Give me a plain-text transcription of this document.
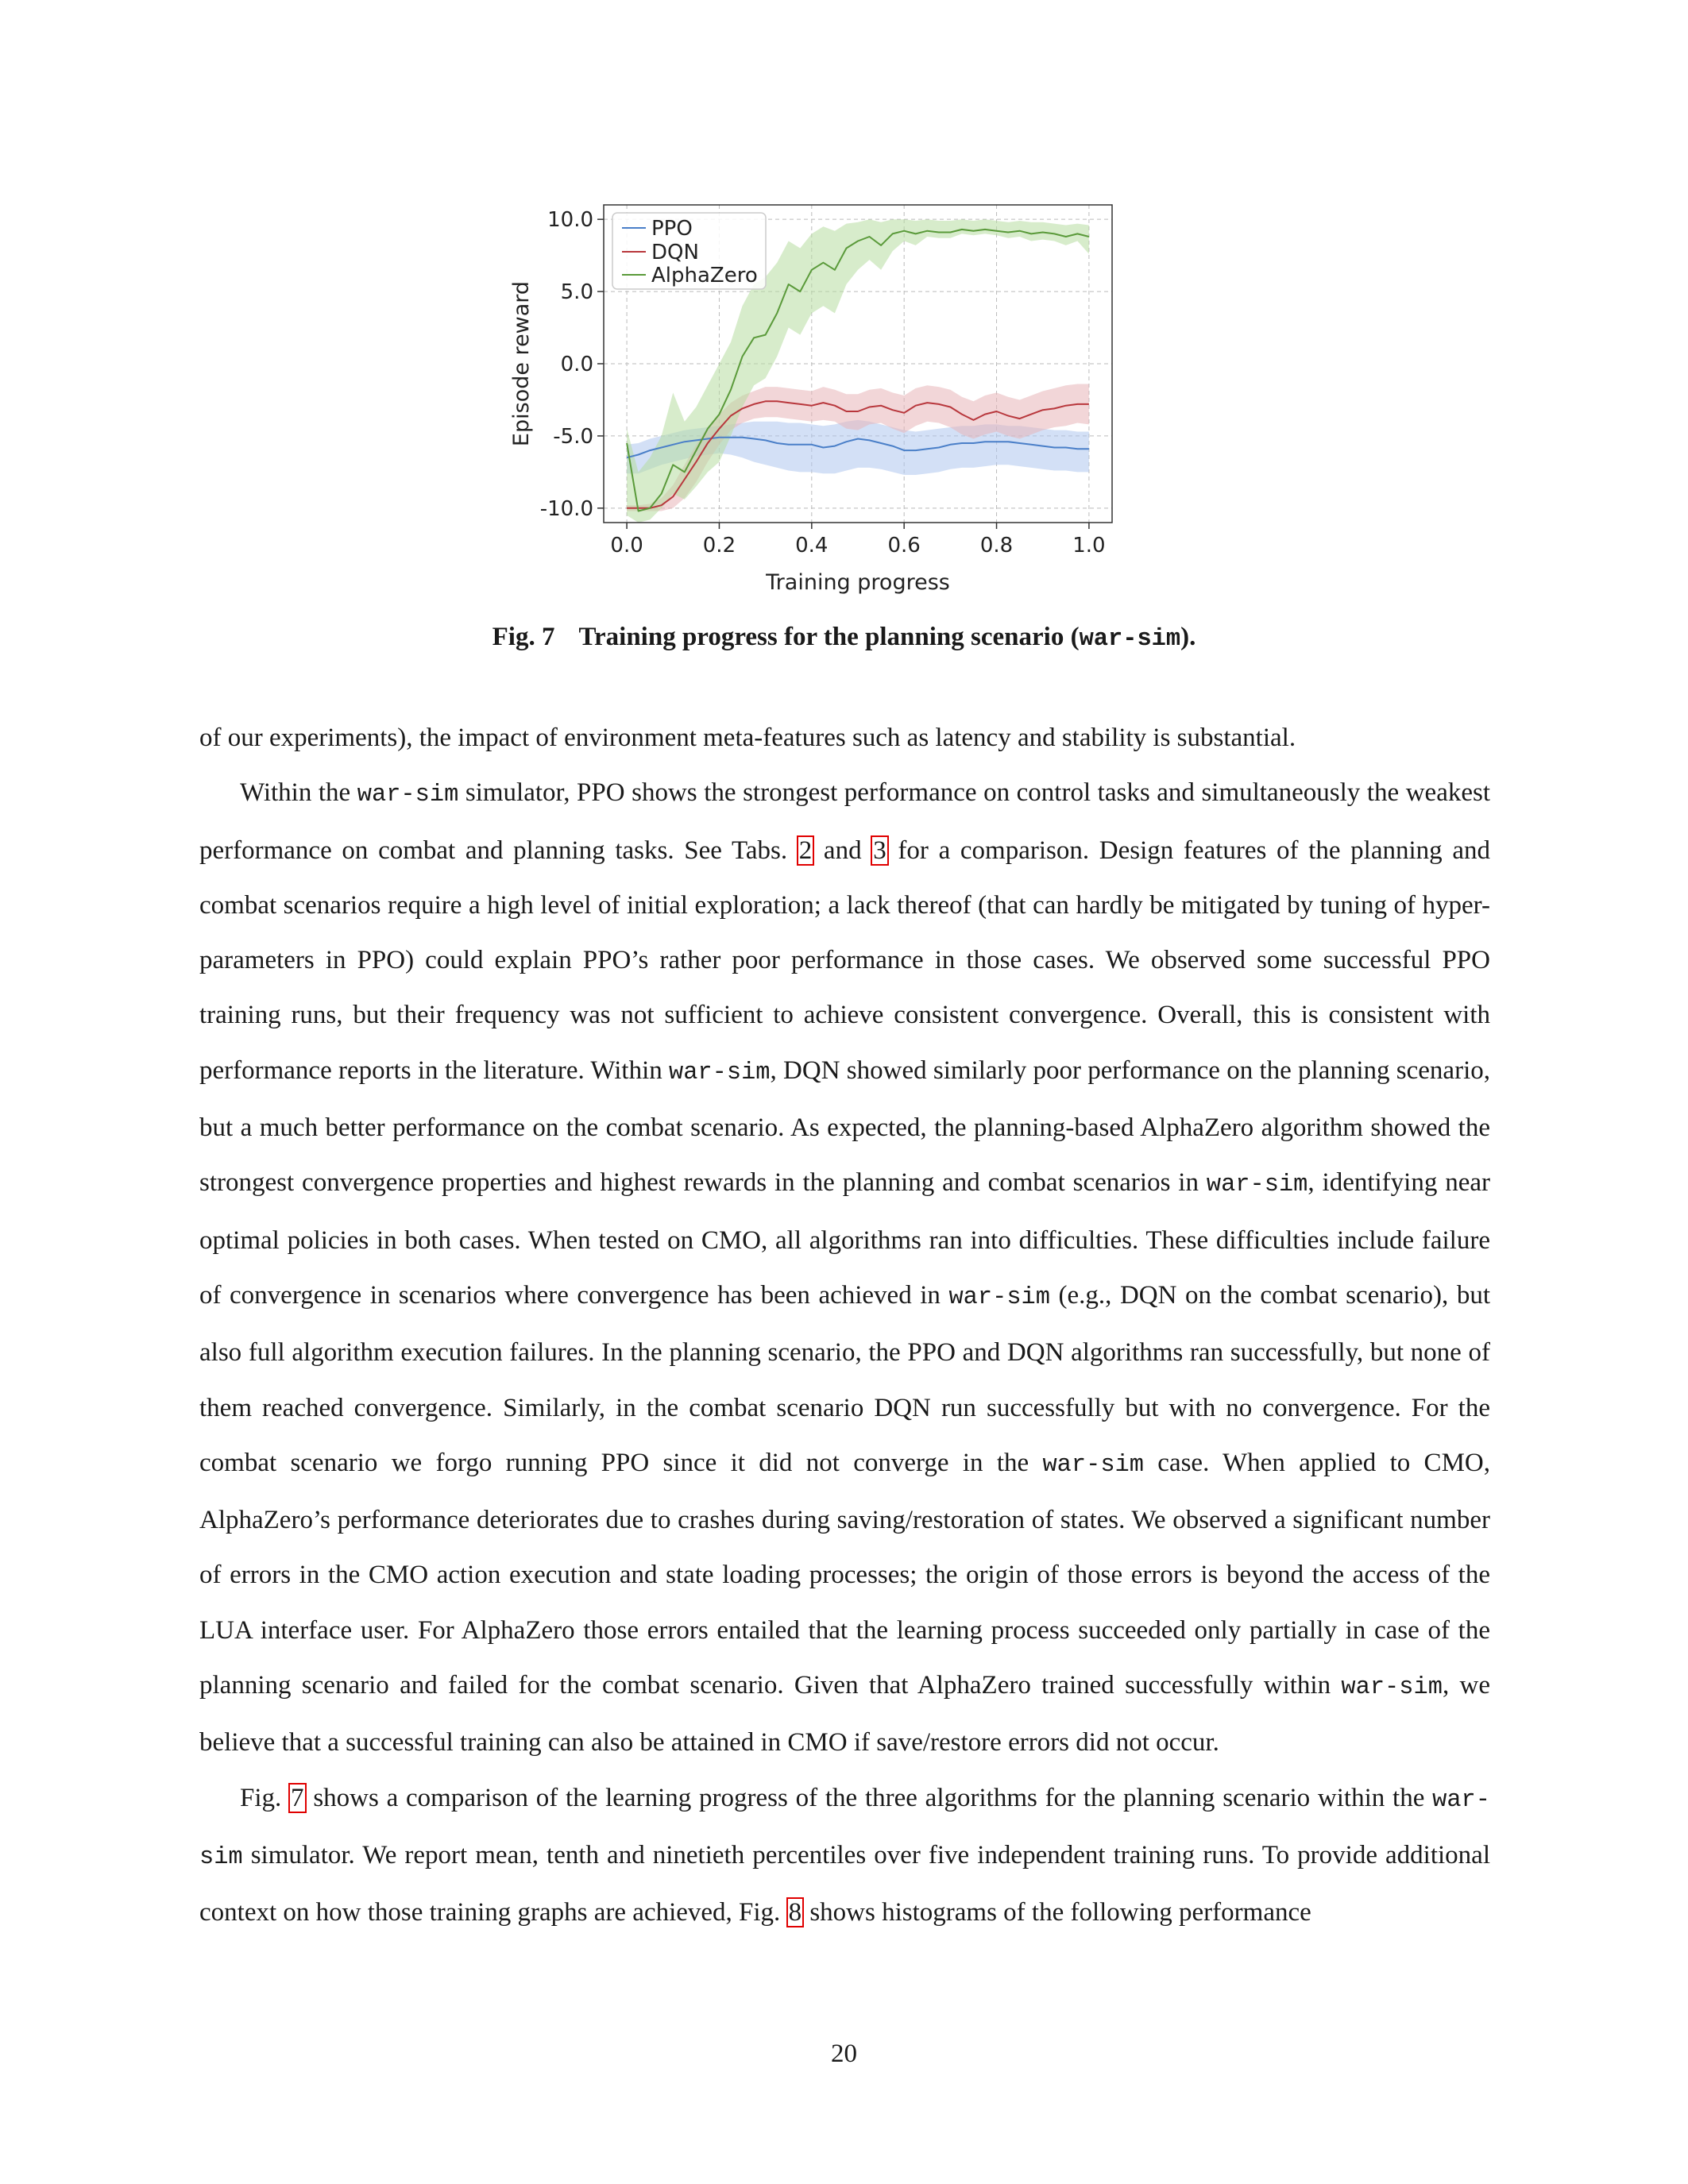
0.0	0.2	0.4	0.6	0.8	1.0
10.0
5.0
0.0
-5.0
-10.0
Training progress
Episode reward
PPO
DQN
AlphaZero
Fig. 7 Training progress for the planning scenario (war-sim).

of our experiments), the impact of environment meta-features such as latency and stability is substantial.

Within the war-sim simulator, PPO shows the strongest performance on control tasks and simultaneously the weakest performance on combat and planning tasks. See Tabs. 2 and 3 for a comparison. Design features of the planning and combat scenarios require a high level of initial exploration; a lack thereof (that can hardly be mitigated by tuning of hyper-parameters in PPO) could explain PPO’s rather poor performance in those cases. We observed some successful PPO training runs, but their frequency was not sufficient to achieve consistent convergence. Overall, this is consistent with performance reports in the literature. Within war-sim, DQN showed similarly poor performance on the planning scenario, but a much better performance on the combat scenario. As expected, the planning-based AlphaZero algorithm showed the strongest convergence properties and highest rewards in the planning and combat scenarios in war-sim, identifying near optimal policies in both cases. When tested on CMO, all algorithms ran into difficulties. These difficulties include failure of convergence in scenarios where convergence has been achieved in war-sim (e.g., DQN on the combat scenario), but also full algorithm execution failures. In the planning scenario, the PPO and DQN algorithms ran successfully, but none of them reached convergence. Similarly, in the combat scenario DQN run successfully but with no convergence. For the combat scenario we forgo running PPO since it did not converge in the war-sim case. When applied to CMO, AlphaZero’s performance deteriorates due to crashes during saving/restoration of states. We observed a significant number of errors in the CMO action execution and state loading processes; the origin of those errors is beyond the access of the LUA interface user. For AlphaZero those errors entailed that the learning process succeeded only partially in case of the planning scenario and failed for the combat scenario. Given that AlphaZero trained successfully within war-sim, we believe that a successful training can also be attained in CMO if save/restore errors did not occur.

Fig. 7 shows a comparison of the learning progress of the three algorithms for the planning scenario within the war-sim simulator. We report mean, tenth and ninetieth percentiles over five independent training runs. To provide additional context on how those training graphs are achieved, Fig. 8 shows histograms of the following performance

20
